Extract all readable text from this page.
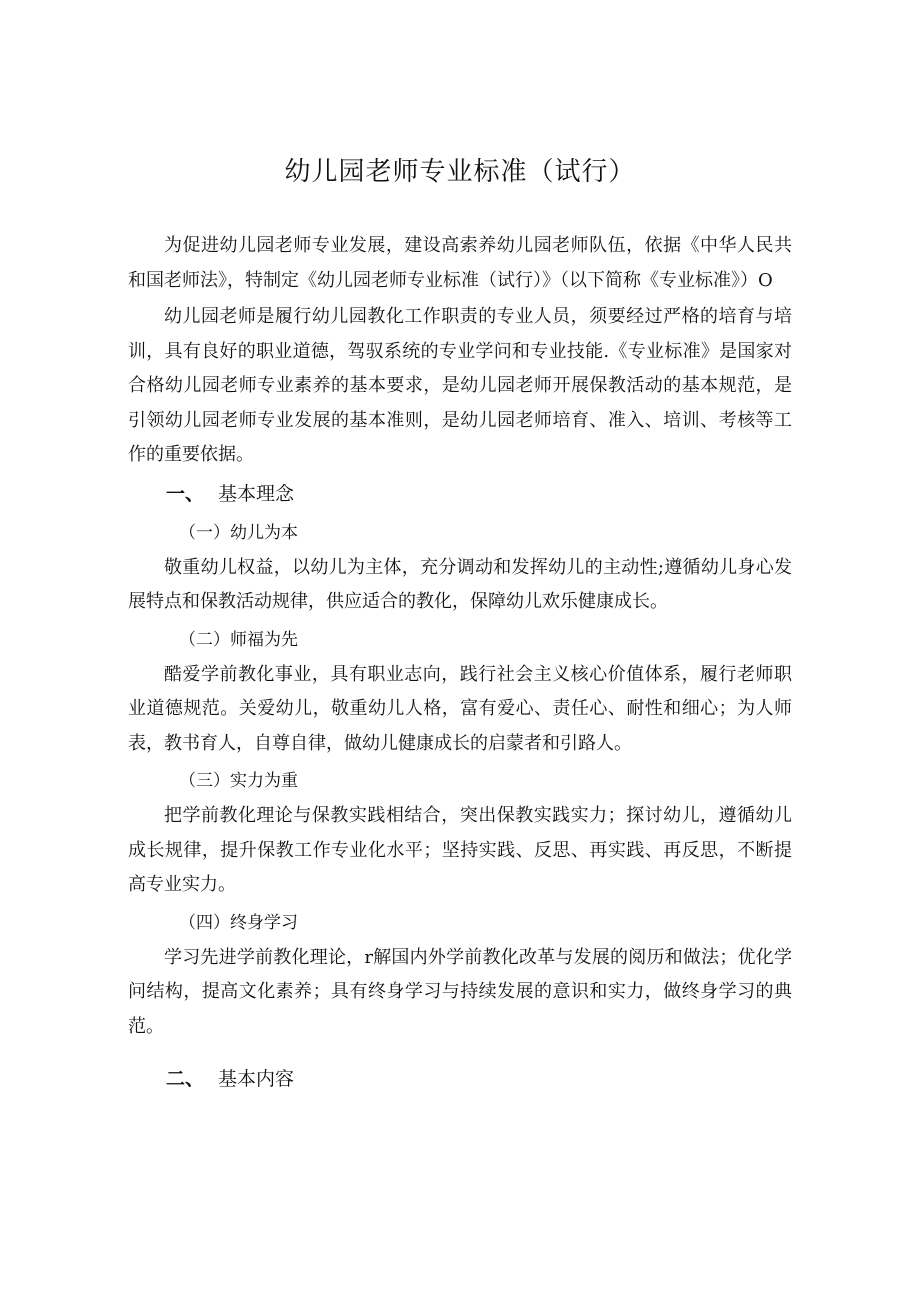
幼儿园老师专业标准（试行）

为促进幼儿园老师专业发展，建设高索养幼儿园老师队伍，依据《中华人民共和国老师法》，特制定《幼儿园老师专业标准（试行）》（以下简称《专业标准》）O

幼儿园老师是履行幼儿园教化工作职责的专业人员，须要经过严格的培育与培训，具有良好的职业道德，驾驭系统的专业学问和专业技能.《专业标准》是国家对合格幼儿园老师专业素养的基本要求，是幼儿园老师开展保教活动的基本规范，是引领幼儿园老师专业发展的基本准则，是幼儿园老师培育、准入、培训、考核等工作的重要依据。

一、 基本理念
（一）幼儿为本

敬重幼儿权益，以幼儿为主体，充分调动和发挥幼儿的主动性;遵循幼儿身心发展特点和保教活动规律，供应适合的教化，保障幼儿欢乐健康成长。

（二）师福为先

酷爱学前教化事业，具有职业志向，践行社会主义核心价值体系，履行老师职业道德规范。关爱幼儿，敬重幼儿人格，富有爱心、责任心、耐性和细心；为人师表，教书育人，自尊自律，做幼儿健康成长的启蒙者和引路人。

（三）实力为重

把学前教化理论与保教实践相结合，突出保教实践实力；探讨幼儿，遵循幼儿成长规律，提升保教工作专业化水平；坚持实践、反思、再实践、再反思，不断提高专业实力。

（四）终身学习

学习先进学前教化理论，r解国内外学前教化改革与发展的阅历和做法；优化学问结构，提高文化素养；具有终身学习与持续发展的意识和实力，做终身学习的典范。

二、 基本内容
